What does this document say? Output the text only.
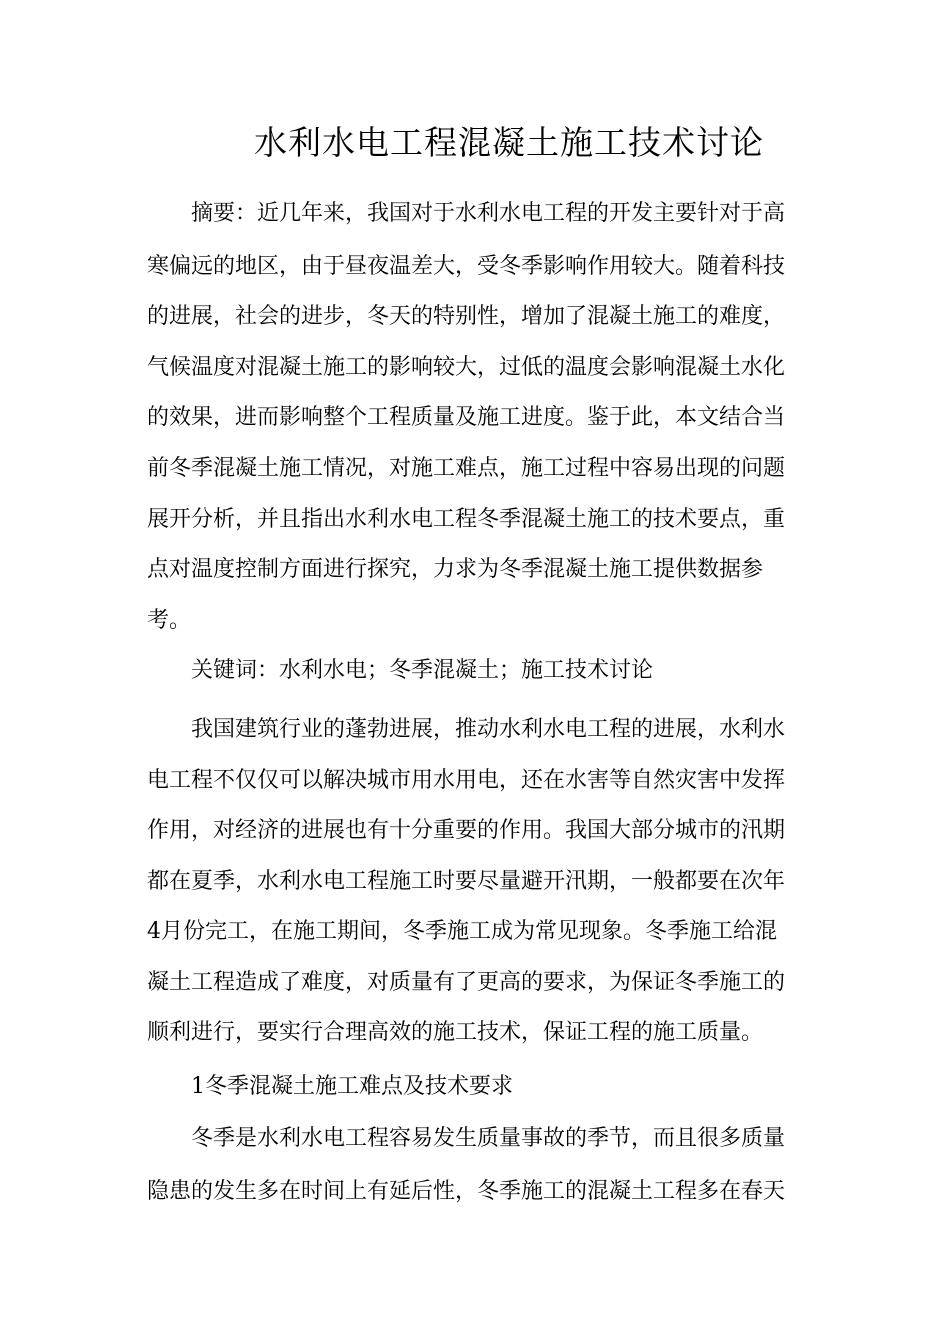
水利水电工程混凝土施工技术讨论
摘要：近几年来，我国对于水利水电工程的开发主要针对于高
寒偏远的地区，由于昼夜温差大，受冬季影响作用较大。随着科技
的进展，社会的进步，冬天的特别性，增加了混凝土施工的难度，
气候温度对混凝土施工的影响较大，过低的温度会影响混凝土水化
的效果，进而影响整个工程质量及施工进度。鉴于此，本文结合当
前冬季混凝土施工情况，对施工难点，施工过程中容易出现的问题
展开分析，并且指出水利水电工程冬季混凝土施工的技术要点，重
点对温度控制方面进行探究，力求为冬季混凝土施工提供数据参
考。
关键词：水利水电；冬季混凝土；施工技术讨论
我国建筑行业的蓬勃进展，推动水利水电工程的进展，水利水
电工程不仅仅可以解决城市用水用电，还在水害等自然灾害中发挥
作用，对经济的进展也有十分重要的作用。我国大部分城市的汛期
都在夏季，水利水电工程施工时要尽量避开汛期，一般都要在次年
4月份完工，在施工期间，冬季施工成为常见现象。冬季施工给混
凝土工程造成了难度，对质量有了更高的要求，为保证冬季施工的
顺利进行，要实行合理高效的施工技术，保证工程的施工质量。
1冬季混凝土施工难点及技术要求
冬季是水利水电工程容易发生质量事故的季节，而且很多质量
隐患的发生多在时间上有延后性，冬季施工的混凝土工程多在春天
